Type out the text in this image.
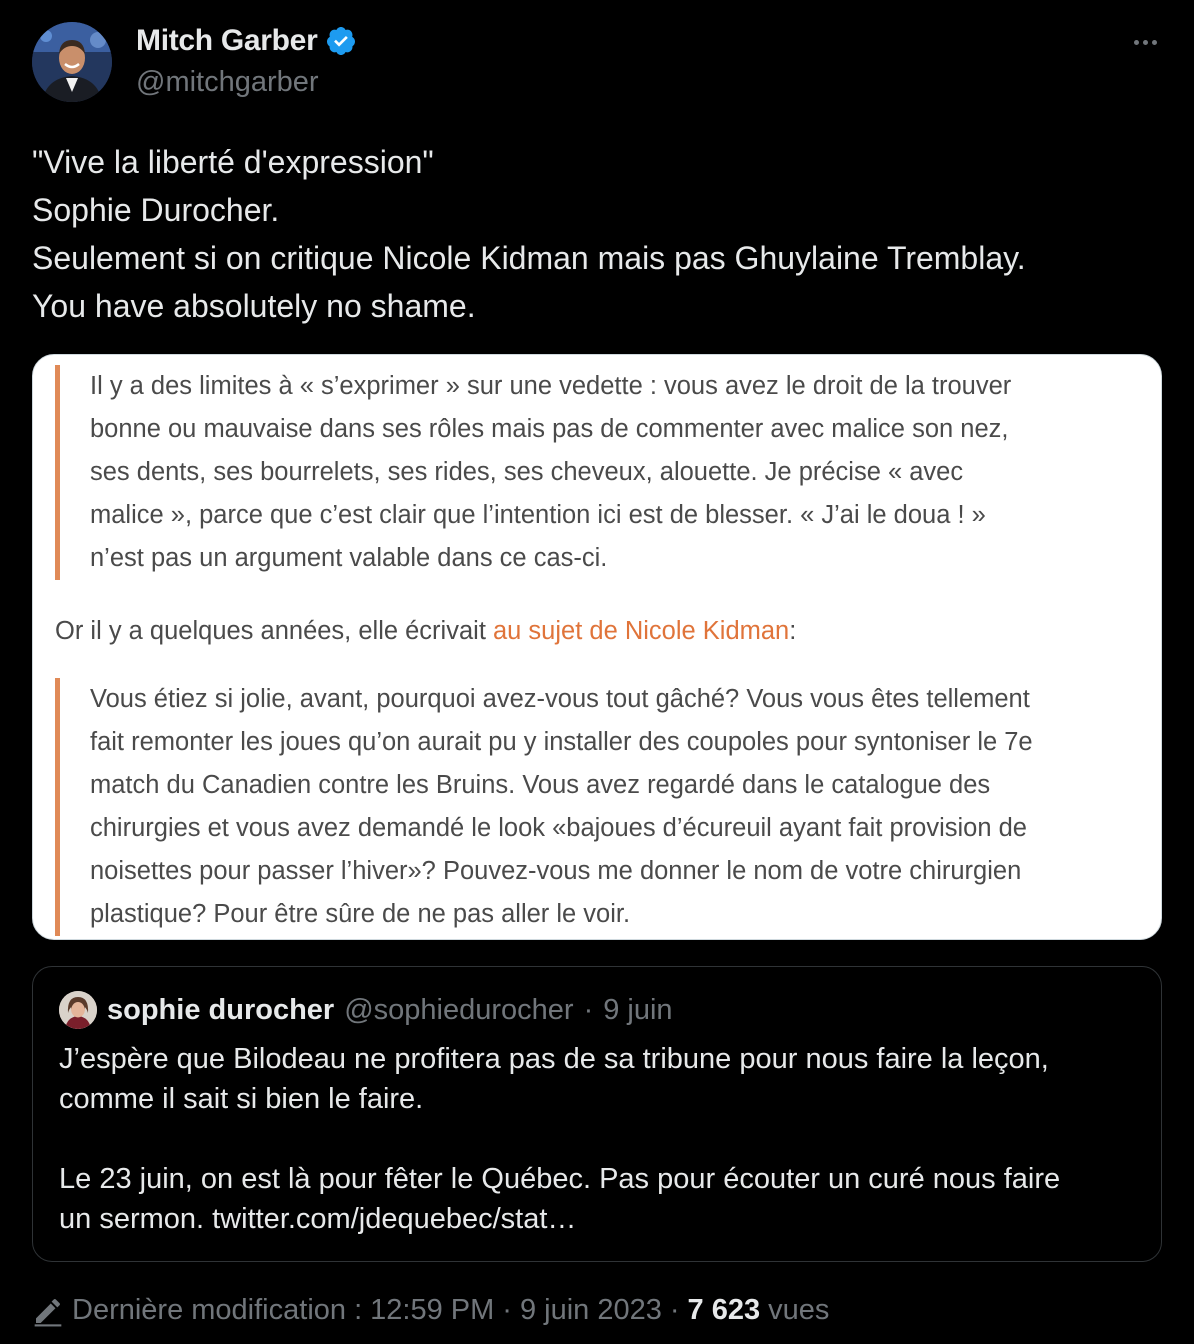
Mitch Garber
@mitchgarber
"Vive la liberté d'expression"
Sophie Durocher.
Seulement si on critique Nicole Kidman mais pas Ghuylaine Tremblay.
You have absolutely no shame.
Il y a des limites à « s’exprimer » sur une vedette : vous avez le droit de la trouver
bonne ou mauvaise dans ses rôles mais pas de commenter avec malice son nez,
ses dents, ses bourrelets, ses rides, ses cheveux, alouette. Je précise « avec
malice », parce que c’est clair que l’intention ici est de blesser. « J’ai le doua ! »
n’est pas un argument valable dans ce cas-ci.
Or il y a quelques années, elle écrivait au sujet de Nicole Kidman:
Vous étiez si jolie, avant, pourquoi avez-vous tout gâché? Vous vous êtes tellement
fait remonter les joues qu’on aurait pu y installer des coupoles pour syntoniser le 7e
match du Canadien contre les Bruins. Vous avez regardé dans le catalogue des
chirurgies et vous avez demandé le look «bajoues d’écureuil ayant fait provision de
noisettes pour passer l’hiver»? Pouvez-vous me donner le nom de votre chirurgien
plastique? Pour être sûre de ne pas aller le voir.
sophie durocher @sophiedurocher · 9 juin
J’espère que Bilodeau ne profitera pas de sa tribune pour nous faire la leçon,
comme il sait si bien le faire.
Le 23 juin, on est là pour fêter le Québec. Pas pour écouter un curé nous faire
un sermon. twitter.com/jdequebec/stat…
Dernière modification : 12:59 PM · 9 juin 2023 · 7 623 vues
